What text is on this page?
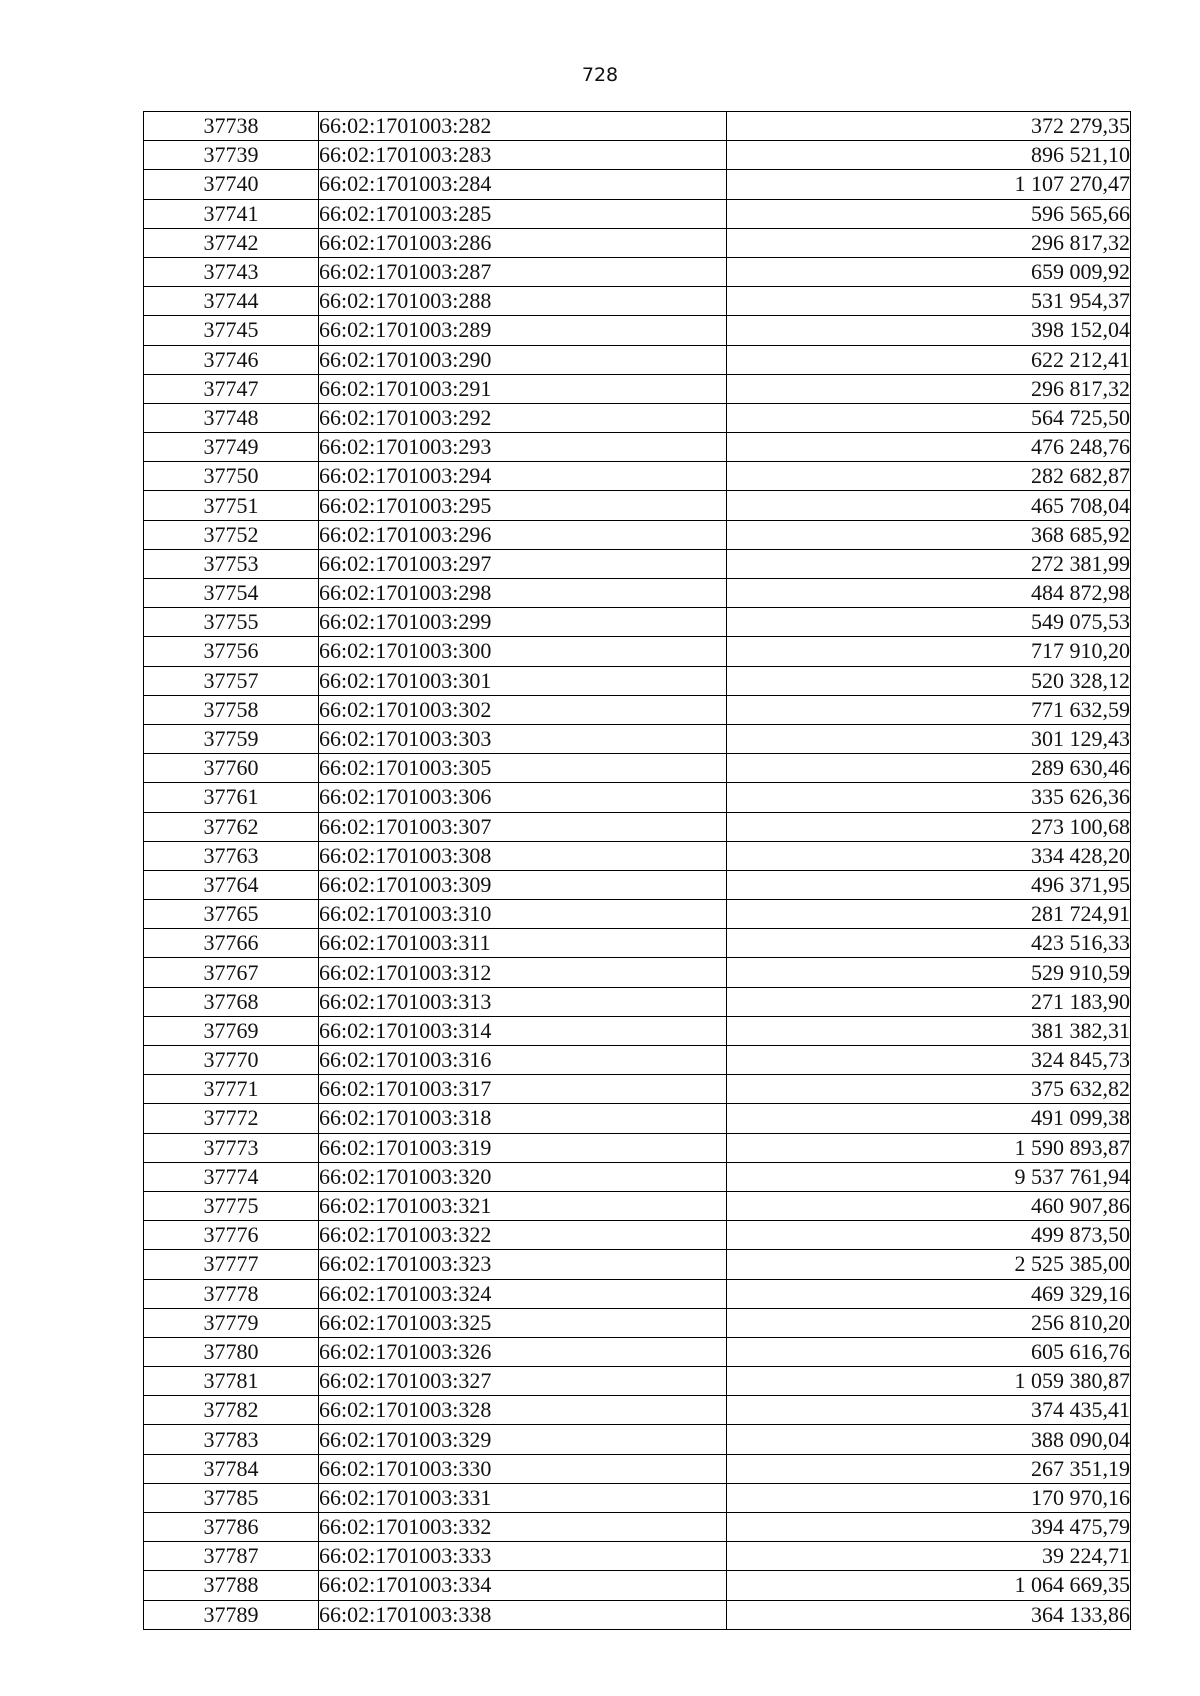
728
37738	66:02:1701003:282	372 279,35
37739	66:02:1701003:283	896 521,10
37740	66:02:1701003:284	1 107 270,47
37741	66:02:1701003:285	596 565,66
37742	66:02:1701003:286	296 817,32
37743	66:02:1701003:287	659 009,92
37744	66:02:1701003:288	531 954,37
37745	66:02:1701003:289	398 152,04
37746	66:02:1701003:290	622 212,41
37747	66:02:1701003:291	296 817,32
37748	66:02:1701003:292	564 725,50
37749	66:02:1701003:293	476 248,76
37750	66:02:1701003:294	282 682,87
37751	66:02:1701003:295	465 708,04
37752	66:02:1701003:296	368 685,92
37753	66:02:1701003:297	272 381,99
37754	66:02:1701003:298	484 872,98
37755	66:02:1701003:299	549 075,53
37756	66:02:1701003:300	717 910,20
37757	66:02:1701003:301	520 328,12
37758	66:02:1701003:302	771 632,59
37759	66:02:1701003:303	301 129,43
37760	66:02:1701003:305	289 630,46
37761	66:02:1701003:306	335 626,36
37762	66:02:1701003:307	273 100,68
37763	66:02:1701003:308	334 428,20
37764	66:02:1701003:309	496 371,95
37765	66:02:1701003:310	281 724,91
37766	66:02:1701003:311	423 516,33
37767	66:02:1701003:312	529 910,59
37768	66:02:1701003:313	271 183,90
37769	66:02:1701003:314	381 382,31
37770	66:02:1701003:316	324 845,73
37771	66:02:1701003:317	375 632,82
37772	66:02:1701003:318	491 099,38
37773	66:02:1701003:319	1 590 893,87
37774	66:02:1701003:320	9 537 761,94
37775	66:02:1701003:321	460 907,86
37776	66:02:1701003:322	499 873,50
37777	66:02:1701003:323	2 525 385,00
37778	66:02:1701003:324	469 329,16
37779	66:02:1701003:325	256 810,20
37780	66:02:1701003:326	605 616,76
37781	66:02:1701003:327	1 059 380,87
37782	66:02:1701003:328	374 435,41
37783	66:02:1701003:329	388 090,04
37784	66:02:1701003:330	267 351,19
37785	66:02:1701003:331	170 970,16
37786	66:02:1701003:332	394 475,79
37787	66:02:1701003:333	39 224,71
37788	66:02:1701003:334	1 064 669,35
37789	66:02:1701003:338	364 133,86
